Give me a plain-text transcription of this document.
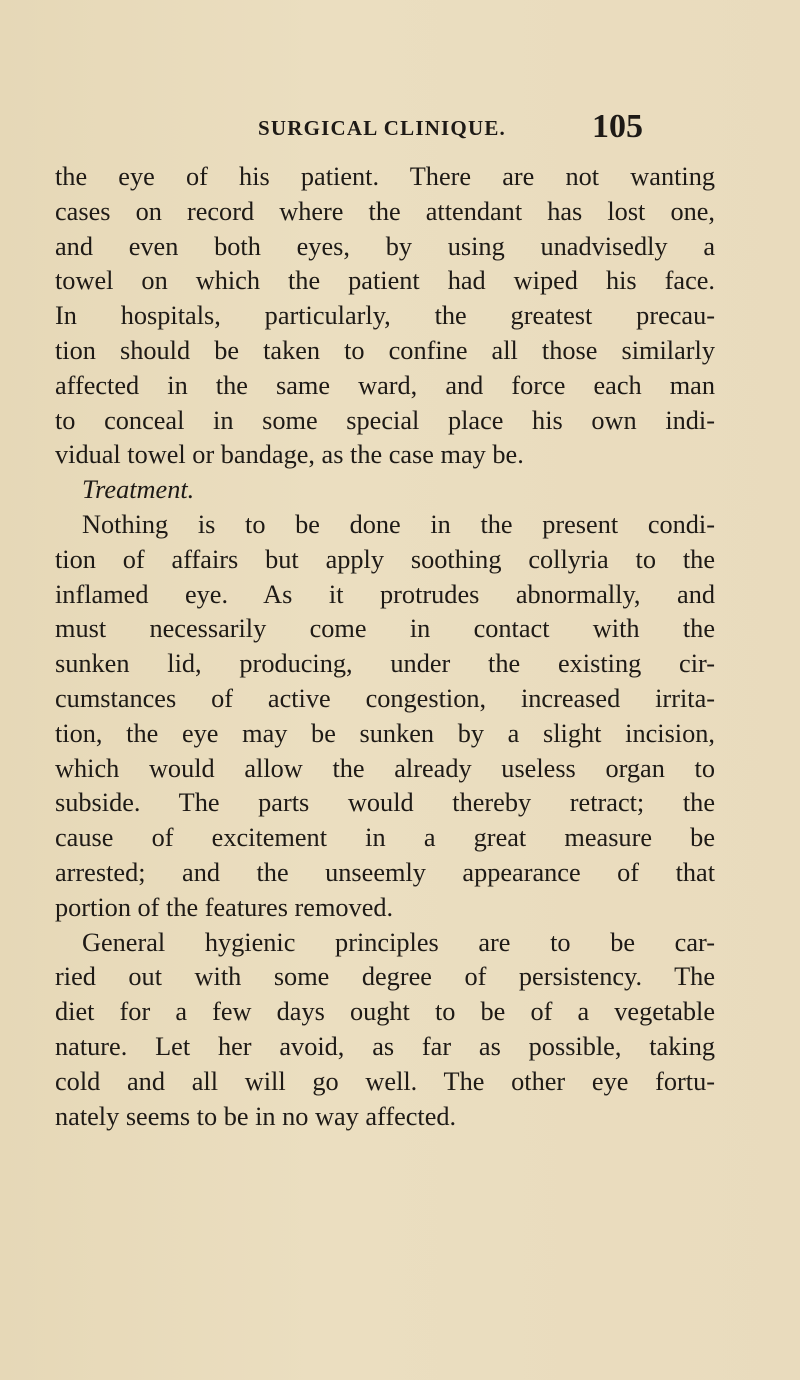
SURGICAL CLINIQUE.	105
the eye of his patient. There are not wanting
cases on record where the attendant has lost one,
and even both eyes, by using unadvisedly a
towel on which the patient had wiped his face.
In hospitals, particularly, the greatest precau-
tion should be taken to confine all those similarly
affected in the same ward, and force each man
to conceal in some special place his own indi-
vidual towel or bandage, as the case may be.
Treatment.
Nothing is to be done in the present condi-
tion of affairs but apply soothing collyria to the
inflamed eye. As it protrudes abnormally, and
must necessarily come in contact with the
sunken lid, producing, under the existing cir-
cumstances of active congestion, increased irrita-
tion, the eye may be sunken by a slight incision,
which would allow the already useless organ to
subside. The parts would thereby retract; the
cause of excitement in a great measure be
arrested; and the unseemly appearance of that
portion of the features removed.
General hygienic principles are to be car-
ried out with some degree of persistency. The
diet for a few days ought to be of a vegetable
nature. Let her avoid, as far as possible, taking
cold and all will go well. The other eye fortu-
nately seems to be in no way affected.
